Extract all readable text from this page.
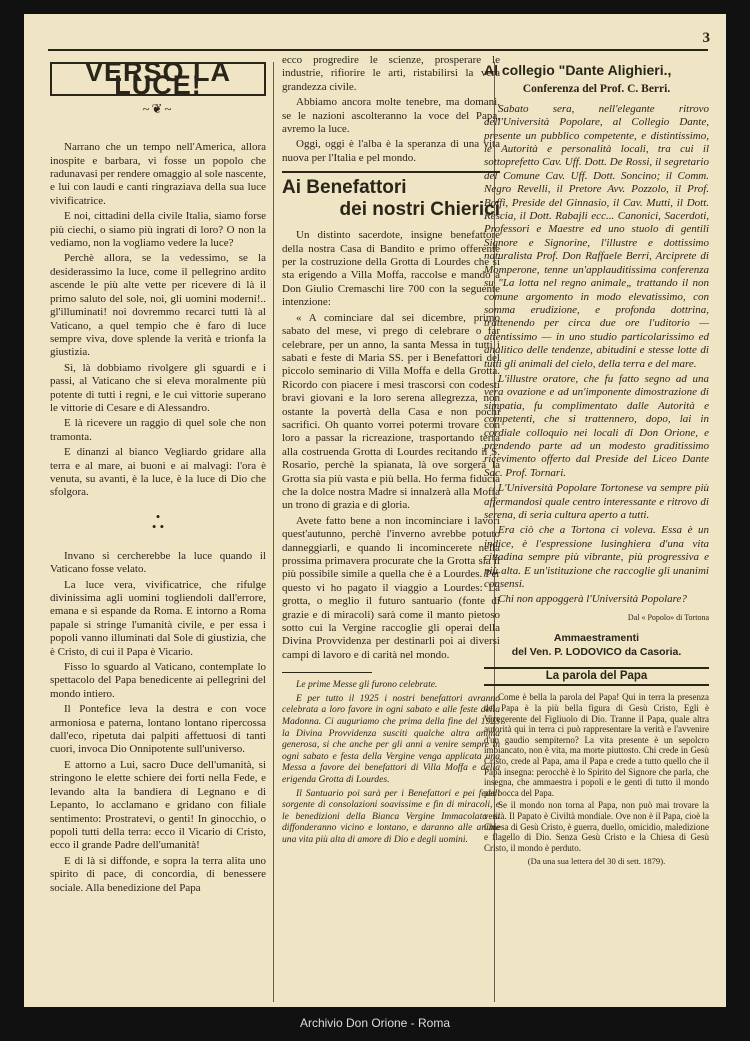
3
VERSO LA LUCE!
~❦~

Narrano che un tempo nell'America, allora inospite e barbara, vi fosse un popolo che radunavasi per rendere omaggio al sole nascente, e lui con laudi e canti ringraziava della sua luce vivificatrice.

E noi, cittadini della civile Italia, siamo forse più ciechi, o siamo più ingrati di loro? O non la vediamo, non la vogliamo vedere la luce?

Perchè allora, se la vedessimo, se la desiderassimo la luce, come il pellegrino ardito ascende le più alte vette per ricevere di là il primo saluto del sole, noi, gli uomini moderni!.. gl'illuminati! noi dovremmo recarci tutti là al Vaticano, a quel tempio che è faro di luce sempre viva, dove splende la verità e trionfa la giustizia.

Sì, là dobbiamo rivolgere gli sguardi e i passi, al Vaticano che si eleva moralmente più potente di tutti i regni, e le cui vittorie superano le vittorie di Cesare e di Alessandro.

E là ricevere un raggio di quel sole che non tramonta.

E dinanzi al bianco Vegliardo gridare alla terra e al mare, ai buoni e ai malvagi: l'ora è venuta, su avanti, è la luce, è la luce di Dio che sfolgora.

•
• •

Invano si cercherebbe la luce quando il Vaticano fosse velato.

La luce vera, vivificatrice, che rifulge divinissima agli uomini togliendoli dall'errore, emana e si espande da Roma. E intorno a Roma papale si stringe l'umanità civile, e per essa i popoli vanno illuminati dal Sole di giustizia, che è Cristo, di cui il Papa è Vicario.

Fisso lo sguardo al Vaticano, contemplate lo spettacolo del Papa benedicente ai pellegrini del mondo intiero.

Il Pontefice leva la destra e con voce armoniosa e paterna, lontano lontano ripercossa dall'eco, ripetuta dai palpiti affettuosi di tanti cuori, invoca Dio Onnipotente sull'universo.

E attorno a Lui, sacro Duce dell'umanità, si stringono le elette schiere dei forti nella Fede, e levando alta la bandiera di Legnano e di Lepanto, lo acclamano e gridano con filiale sentimento: Prostratevi, o genti! In ginocchio, o popoli tutti della terra: ecco il Vicario di Cristo, ecco il grande Padre dell'umanità!

E di là si diffonde, e sopra la terra alita uno spirito di pace, di concordia, di benessere sociale. Alla benedizione del Papa

ecco progredire le scienze, prosperare le industrie, rifiorire le arti, ristabilirsi la vera grandezza civile.

Abbiamo ancora molte tenebre, ma domani, se le nazioni ascolteranno la voce del Papa, avremo la luce.

Oggi, oggi è l'alba è la speranza di una vita nuova per l'Italia e pel mondo.

Ai Benefattori
dei nostri Chierici

Un distinto sacerdote, insigne benefattore della nostra Casa di Bandito e primo offerente per la costruzione della Grotta di Lourdes che si sta erigendo a Villa Moffa, raccolse e mandò a Don Giulio Cremaschi lire 700 con la seguente intenzione:

« A cominciare dal sei dicembre, primo sabato del mese, vi prego di celebrare o far celebrare, per un anno, la santa Messa in tutti i sabati e feste di Maria SS. per i Benefattori del piccolo seminario di Villa Moffa e della Grotta. Ricordo con piacere i mesi trascorsi con codesti bravi giovani e la loro serena allegrezza, non ostante la povertà della Casa e non pochi sacrifici. Oh quanto vorrei potermi trovare con loro a passar la ricreazione, trasportando terra alla costruenda Grotta di Lourdes recitando il S. Rosario, perchè la spianata, là ove sorgerà la Grotta sia più vasta e più bella. Ho ferma fiducia che la dolce nostra Madre si innalzerà alla Moffa un trono di grazia e di gloria.

Avete fatto bene a non incominciare i lavori quest'autunno, perchè l'inverno avrebbe potuto danneggiarli, e quando li incomincerete nella prossima primavera procurate che la Grotta sia il più possibile simile a quella che è a Lourdes. Per questo vi ho pagato il viaggio a Lourdes: La grotta, o meglio il futuro santuario (fonte di grazie e di miracoli) sarà come il manto pietoso sotto cui la Vergine raccoglie gli operai della Divina Provvidenza per destinarli poi ai diversi campi di lavoro e di carità nel mondo.

Le prime Messe gli furono celebrate.

E per tutto il 1925 i nostri benefattori avranno celebrata a loro favore in ogni sabato e alle feste della Madonna. Ci auguriamo che prima della fine del 1925 la Divina Provvidenza susciti qualche altra anima generosa, si che anche per gli anni a venire sempre in ogni sabato e festa della Vergine venga applicata una Messa a favore dei benefattori di Villa Moffa e della erigenda Grotta di Lourdes.

Il Santuario poi sarà per i Benefattori e pei fedeli sorgente di consolazioni soavissime e fin di miracoli, e le benedizioni della Bianca Vergine Immacolata si diffonderanno vicino e lontano, e daranno alle anime una vita più alta di amore di Dio e degli uomini.

Al collegio "Dante Alighieri.,
Conferenza del Prof. C. Berri.

Sabato sera, nell'elegante ritrovo dell'Università Popolare, al Collegio Dante, presente un pubblico competente, e distintissimo, le Autorità e personalità locali, tra cui il sottoprefetto Cav. Uff. Dott. De Rossi, il segretario del Comune Cav. Uff. Dott. Soncino; il Comm. Negro Revelli, il Pretore Avv. Pozzolo, il Prof. Boffi, Preside del Ginnasio, il Cav. Mutti, il Dott. Rescia, il Dott. Rabajli ecc... Canonici, Sacerdoti, Professori e Maestre ed uno stuolo di gentili Signore e Signorine, l'illustre e dottissimo naturalista Prof. Don Raffaele Berri, Arciprete di Momperone, tenne un'applauditissima conferenza su "La lotta nel regno animale„ trattando il non comune argomento in modo elevatissimo, con somma erudizione, e profonda dottrina, trattenendo per circa due ore l'uditorio — attentissimo — in uno studio particolarissimo ed analitico delle tendenze, abitudini e stesse lotte di tutti gli animali del cielo, della terra e del mare.

L'illustre oratore, che fu fatto segno ad una vera ovazione e ad un'imponente dimostrazione di simpatia, fu complimentato dalle Autorità e competenti, che si trattennero, dopo, lai in cordiale colloquio nei locali di Don Orione, e prendendo parte ad un modesto graditissimo ricevimento offerto dal Preside del Liceo Dante Sac. Prof. Tornari.

L'Università Popolare Tortonese va sempre più affermandosi quale centro interessante e ritrovo di serena, di seria cultura aperto a tutti.

Era ciò che a Tortona ci voleva. Essa è un indice, è l'espressione lusinghiera d'una vita cittadina sempre più vibrante, più progressiva e più alta. E un'istituzione che raccoglie gli unanimi consensi.

Chi non appoggerà l'Università Popolare?

Dal « Popolo» di Tortona
Ammaestramenti
del Ven. P. LODOVICO da Casoria.
La parola del Papa

Come è bella la parola del Papa! Qui in terra la presenza del Papa è la più bella figura di Gesù Cristo, Egli è Vicegerente del Figliuolo di Dio. Tranne il Papa, quale altra autorità qui in terra ci può rappresentare la verità e l'avvenire d'un gaudio sempiterno? La vita presente è un sepolcro imbiancato, non è vita, ma morte piuttosto. Chi crede in Gesù Cristo, crede al Papa, ama il Papa e crede a tutto quello che il Papa insegna: perocchè è lo Spirito del Signore che parla, che insegna, che ammaestra i popoli e le genti di tutto il mondo per bocca del Papa.

Se il mondo non torna al Papa, non può mai trovare la verità. Il Papato è Civiltà mondiale. Ove non è il Papa, cioè la Chiesa di Gesù Cristo, è guerra, duello, omicidio, maledizione e flagello di Dio. Senza Gesù Cristo e la Chiesa di Gesù Cristo, il mondo è perduto.

(Da una sua lettera del 30 di sett. 1879).
Archivio Don Orione - Roma
